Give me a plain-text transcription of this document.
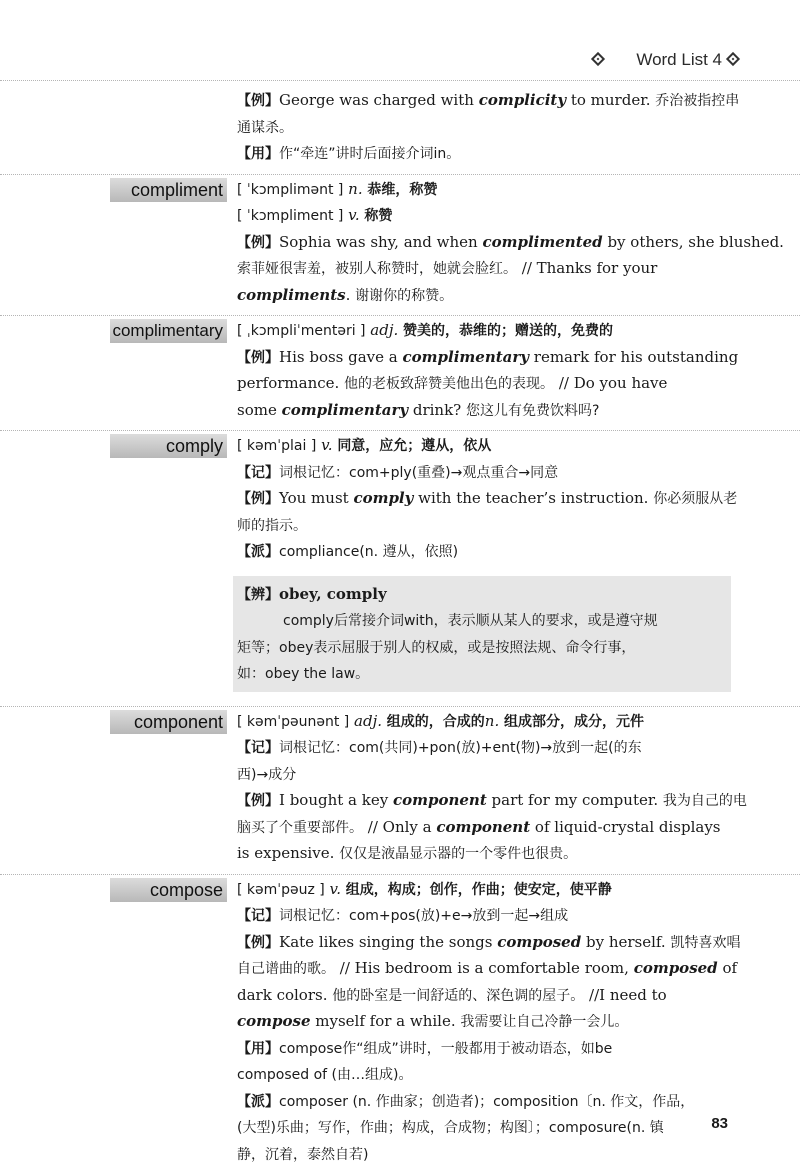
Word List 4
【例】George was charged with complicity to murder. 乔治被指控串
通谋杀。
【用】作“牵连”讲时后面接介词in。
compliment [ ˈkɔmplimənt ] n. 恭维，称赞
[ ˈkɔmpliment ] v. 称赞
【例】Sophia was shy, and when complimented by others, she blushed.
索菲娅很害羞，被别人称赞时，她就会脸红。 // Thanks for your
compliments. 谢谢你的称赞。
complimentary [ ˌkɔmpliˈmentəri ] adj. 赞美的，恭维的；赠送的，免费的
【例】His boss gave a complimentary remark for his outstanding
performance. 他的老板致辞赞美他出色的表现。 // Do you have
some complimentary drink? 您这儿有免费饮料吗?
comply [ kəmˈplai ] v. 同意，应允；遵从，依从
【记】词根记忆：com+ply(重叠)→观点重合→同意
【例】You must comply with the teacher’s instruction. 你必须服从老
师的指示。
【派】compliance(n. 遵从，依照)
【辨】obey, comply
comply后常接介词with，表示顺从某人的要求，或是遵守规
矩等；obey表示屈服于别人的权威，或是按照法规、命令行事，
如：obey the law。
component [ kəmˈpəunənt ] adj. 组成的，合成的n. 组成部分，成分，元件
【记】词根记忆：com(共同)+pon(放)+ent(物)→放到一起(的东
西)→成分
【例】I bought a key component part for my computer. 我为自己的电
脑买了个重要部件。 // Only a component of liquid-crystal displays
is expensive. 仅仅是液晶显示器的一个零件也很贵。
compose [ kəmˈpəuz ] v. 组成，构成；创作，作曲；使安定，使平静
【记】词根记忆：com+pos(放)+e→放到一起→组成
【例】Kate likes singing the songs composed by herself. 凯特喜欢唱
自己谱曲的歌。 // His bedroom is a comfortable room, composed of
dark colors. 他的卧室是一间舒适的、深色调的屋子。 //I need to
compose myself for a while. 我需要让自己冷静一会儿。
【用】compose作“组成”讲时，一般都用于被动语态，如be
composed of (由…组成)。
【派】composer (n. 作曲家；创造者)；composition〔n. 作文，作品，
(大型)乐曲；写作，作曲；构成，合成物；构图〕；composure(n. 镇
静，沉着，泰然自若)
83
